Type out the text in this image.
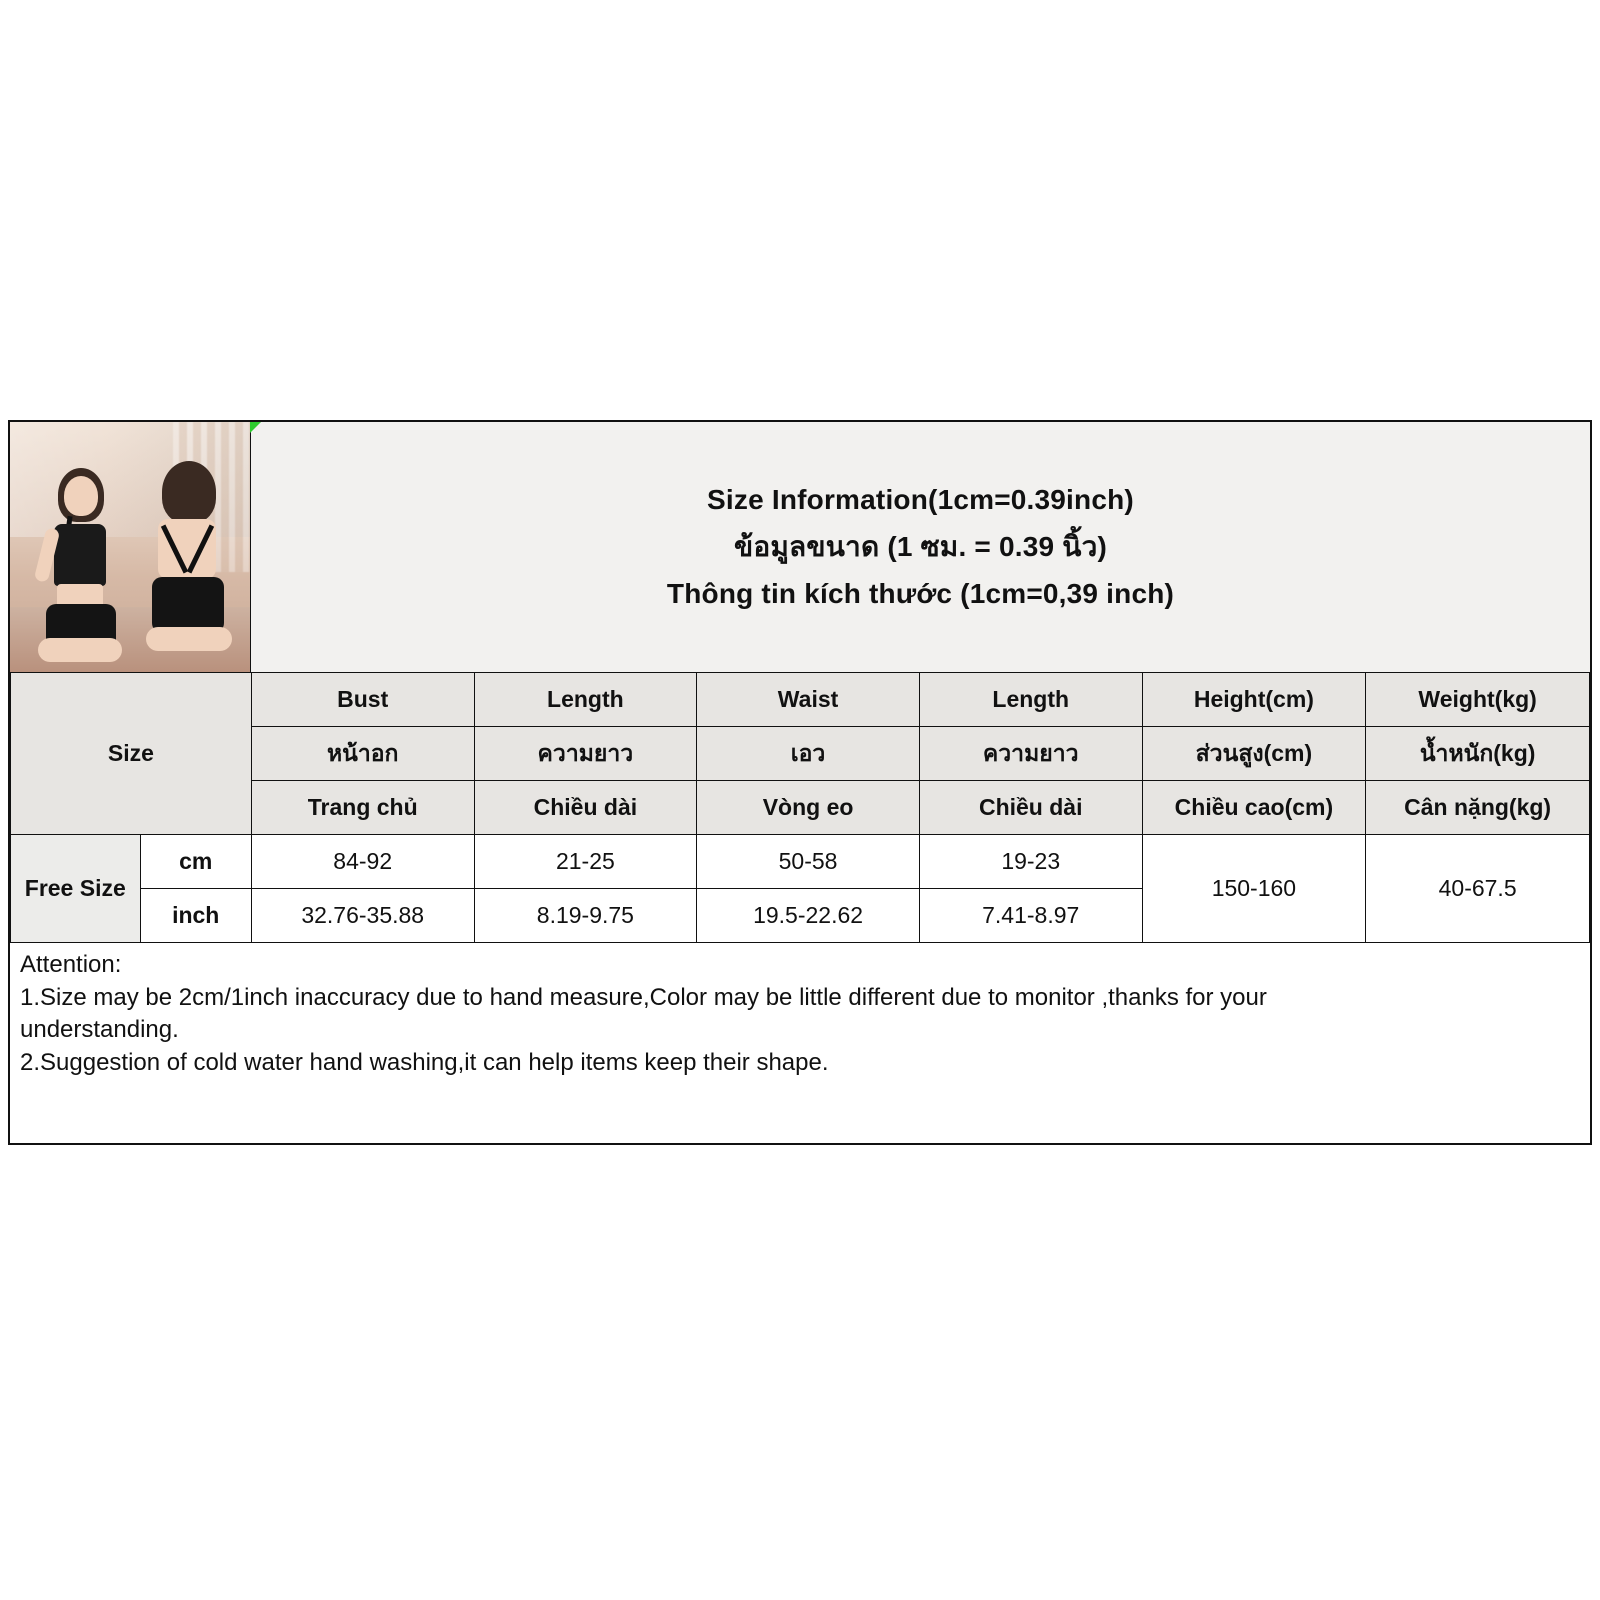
Size Information(1cm=0.39inch)
ข้อมูลขนาด (1 ซม. = 0.39 นิ้ว)
Thông tin kích thước (1cm=0,39 inch)
Size		Bust	Length	Waist	Length	Height(cm)	Weight(kg)
		หน้าอก	ความยาว	เอว	ความยาว	ส่วนสูง(cm)	น้ำหนัก(kg)
		Trang chủ	Chiều dài	Vòng eo	Chiều dài	Chiều cao(cm)	Cân nặng(kg)
Free Size	cm	84-92	21-25	50-58	19-23	150-160	40-67.5
	inch	32.76-35.88	8.19-9.75	19.5-22.62	7.41-8.97		

Attention:

1.Size may be 2cm/1inch inaccuracy due to hand measure,Color may be little different due to monitor ,thanks for your

understanding.

2.Suggestion of cold water hand washing,it can help items keep their shape.
